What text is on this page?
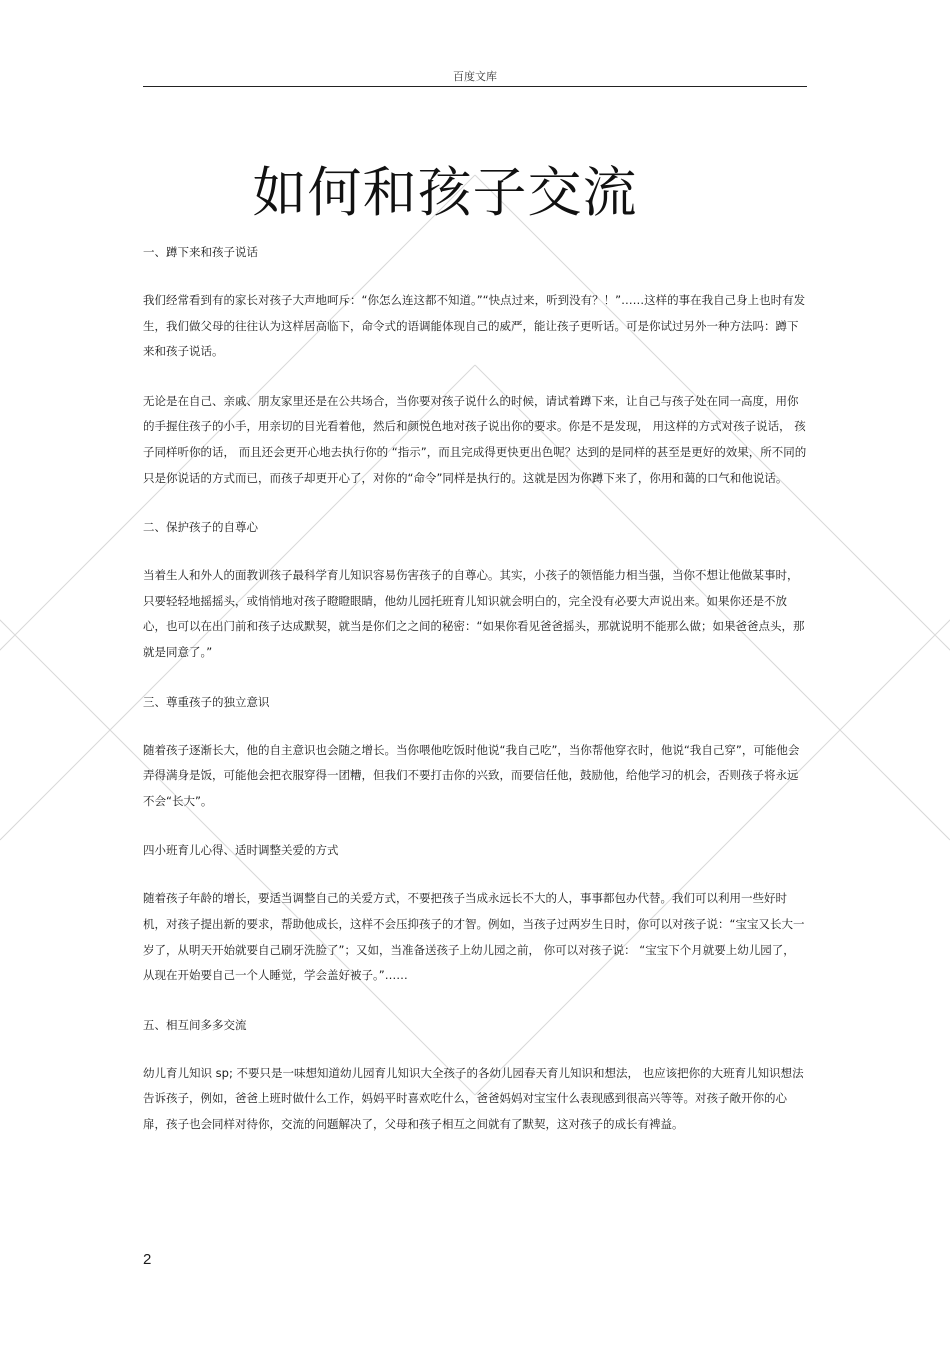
百度文库
如何和孩子交流
一、蹲下来和孩子说话

我们经常看到有的家长对孩子大声地呵斥：“你怎么连这都不知道。”“快点过来，听到没有？！”……这样的事在我自己身上也时有发生，我们做父母的往往认为这样居高临下，命令式的语调能体现自己的威严，能让孩子更听话。可是你试过另外一种方法吗：蹲下来和孩子说话。

无论是在自己、亲戚、朋友家里还是在公共场合，当你要对孩子说什么的时候，请试着蹲下来，让自己与孩子处在同一高度，用你的手握住孩子的小手，用亲切的目光看着他，然后和颜悦色地对孩子说出你的要求。你是不是发现， 用这样的方式对孩子说话， 孩子同样听你的话， 而且还会更开心地去执行你的 “指示”，而且完成得更快更出色呢？达到的是同样的甚至是更好的效果，所不同的只是你说话的方式而已，而孩子却更开心了，对你的“命令”同样是执行的。这就是因为你蹲下来了，你用和蔼的口气和他说话。

二、保护孩子的自尊心

当着生人和外人的面教训孩子最科学育儿知识容易伤害孩子的自尊心。其实，小孩子的领悟能力相当强，当你不想让他做某事时，只要轻轻地摇摇头，或悄悄地对孩子瞪瞪眼睛，他幼儿园托班育儿知识就会明白的，完全没有必要大声说出来。如果你还是不放心，也可以在出门前和孩子达成默契，就当是你们之之间的秘密：“如果你看见爸爸摇头，那就说明不能那么做；如果爸爸点头，那就是同意了。”

三、尊重孩子的独立意识

随着孩子逐渐长大，他的自主意识也会随之增长。当你喂他吃饭时他说“我自己吃”，当你帮他穿衣时，他说“我自己穿”，可能他会弄得满身是饭，可能他会把衣服穿得一团糟，但我们不要打击你的兴致，而要信任他，鼓励他，给他学习的机会，否则孩子将永远不会“长大”。

四小班育儿心得、适时调整关爱的方式

随着孩子年龄的增长，要适当调整自己的关爱方式，不要把孩子当成永远长不大的人，事事都包办代替。我们可以利用一些好时机，对孩子提出新的要求，帮助他成长，这样不会压抑孩子的才智。例如，当孩子过两岁生日时，你可以对孩子说：“宝宝又长大一岁了，从明天开始就要自己刷牙洗脸了”；又如，当准备送孩子上幼儿园之前， 你可以对孩子说： “宝宝下个月就要上幼儿园了， 从现在开始要自己一个人睡觉，学会盖好被子。”……

五、相互间多多交流

幼儿育儿知识 sp; 不要只是一味想知道幼儿园育儿知识大全孩子的各幼儿园春天育儿知识和想法， 也应该把你的大班育儿知识想法告诉孩子，例如，爸爸上班时做什么工作，妈妈平时喜欢吃什么，爸爸妈妈对宝宝什么表现感到很高兴等等。对孩子敞开你的心扉，孩子也会同样对待你，交流的问题解决了，父母和孩子相互之间就有了默契，这对孩子的成长有裨益。

2
